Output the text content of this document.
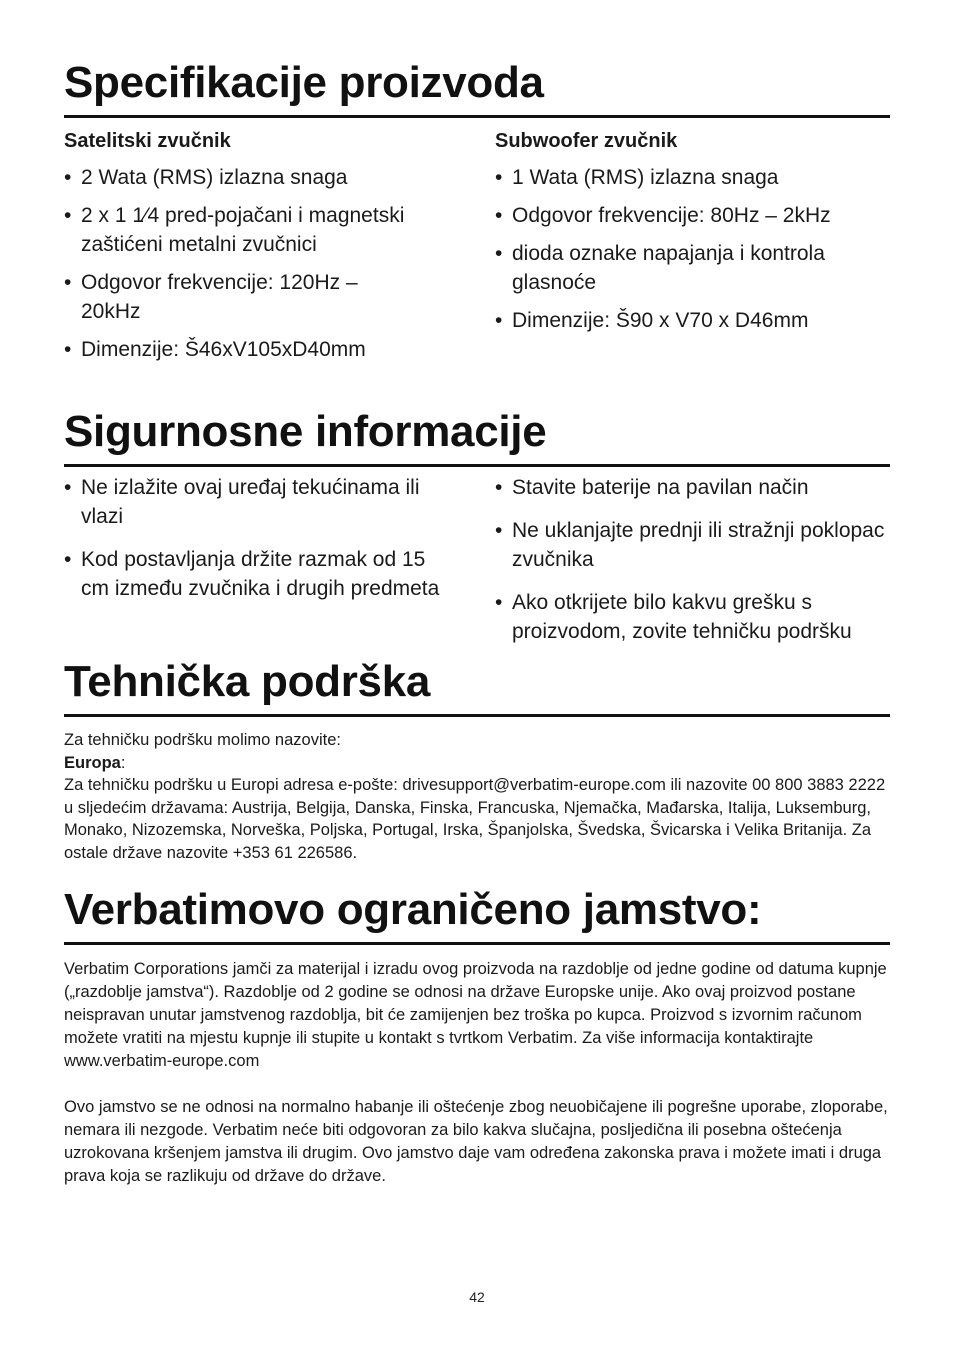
Specifikacije proizvoda

Satelitski zvučnik

• 2 Wata (RMS) izlazna snaga
• 2 x 1 1⁄4 pred-pojačani i magnetski zaštićeni metalni zvučnici
• Odgovor frekvencije: 120Hz – 20kHz
• Dimenzije: Š46xV105xD40mm

Subwoofer zvučnik

• 1 Wata (RMS) izlazna snaga
• Odgovor frekvencije: 80Hz – 2kHz
• dioda oznake napajanja i kontrola glasnoće
• Dimenzije: Š90 x V70 x D46mm
Sigurnosne informacije
• Ne izlažite ovaj uređaj tekućinama ili vlazi
• Kod postavljanja držite razmak od 15 cm između zvučnika i drugih predmeta
• Stavite baterije na pavilan način
• Ne uklanjajte prednji ili stražnji poklopac zvučnika
• Ako otkrijete bilo kakvu grešku s proizvodom, zovite tehničku podršku
Tehnička podrška

Za tehničku podršku molimo nazovite:

Europa:

Za tehničku podršku u Europi adresa e-pošte: drivesupport@verbatim-europe.com ili nazovite 00 800 3883 2222 u sljedećim državama: Austrija, Belgija, Danska, Finska, Francuska, Njemačka, Mađarska, Italija, Luksemburg, Monako, Nizozemska, Norveška, Poljska, Portugal, Irska, Španjolska, Švedska, Švicarska i Velika Britanija. Za ostale države nazovite +353 61 226586.

Verbatimovo ograničeno jamstvo:

Verbatim Corporations jamči za materijal i izradu ovog proizvoda na razdoblje od jedne godine od datuma kupnje („razdoblje jamstva“). Razdoblje od 2 godine se odnosi na države Europske unije. Ako ovaj proizvod postane neispravan unutar jamstvenog razdoblja, bit će zamijenjen bez troška po kupca. Proizvod s izvornim računom možete vratiti na mjestu kupnje ili stupite u kontakt s tvrtkom Verbatim. Za više informacija kontaktirajte www.verbatim-europe.com

Ovo jamstvo se ne odnosi na normalno habanje ili oštećenje zbog neuobičajene ili pogrešne uporabe, zloporabe, nemara ili nezgode. Verbatim neće biti odgovoran za bilo kakva slučajna, posljedična ili posebna oštećenja uzrokovana kršenjem jamstva ili drugim. Ovo jamstvo daje vam određena zakonska prava i možete imati i druga prava koja se razlikuju od države do države.

42
